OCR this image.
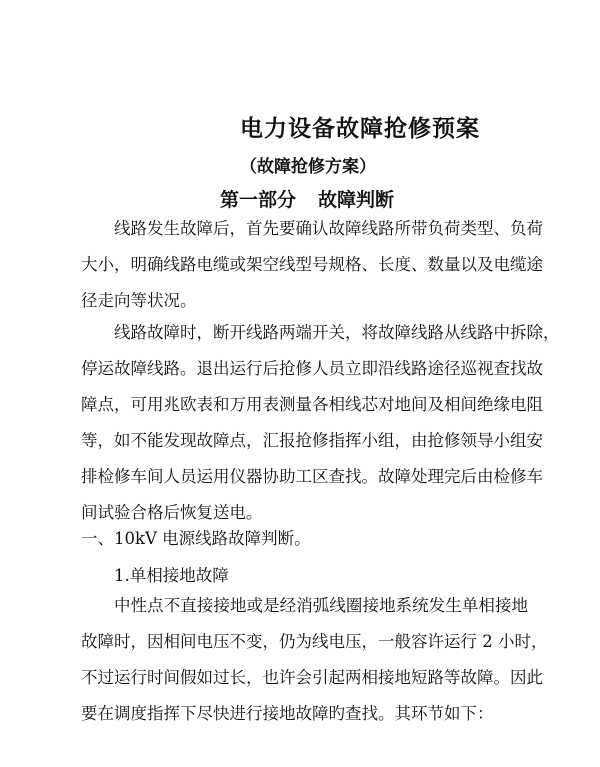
电力设备故障抢修预案
（故障抢修方案）
第一部分 故障判断
线路发生故障后，首先要确认故障线路所带负荷类型、负荷
大小，明确线路电缆或架空线型号规格、长度、数量以及电缆途
径走向等状况。
线路故障时，断开线路两端开关，将故障线路从线路中拆除，
停运故障线路。退出运行后抢修人员立即沿线路途径巡视查找故
障点，可用兆欧表和万用表测量各相线芯对地间及相间绝缘电阻
等，如不能发现故障点，汇报抢修指挥小组，由抢修领导小组安
排检修车间人员运用仪器协助工区查找。故障处理完后由检修车
间试验合格后恢复送电。
一、10kV 电源线路故障判断。
1.单相接地故障
中性点不直接接地或是经消弧线圈接地系统发生单相接地
故障时，因相间电压不变，仍为线电压，一般容许运行 2 小时，
不过运行时间假如过长，也许会引起两相接地短路等故障。因此
要在调度指挥下尽快进行接地故障旳查找。其环节如下：
